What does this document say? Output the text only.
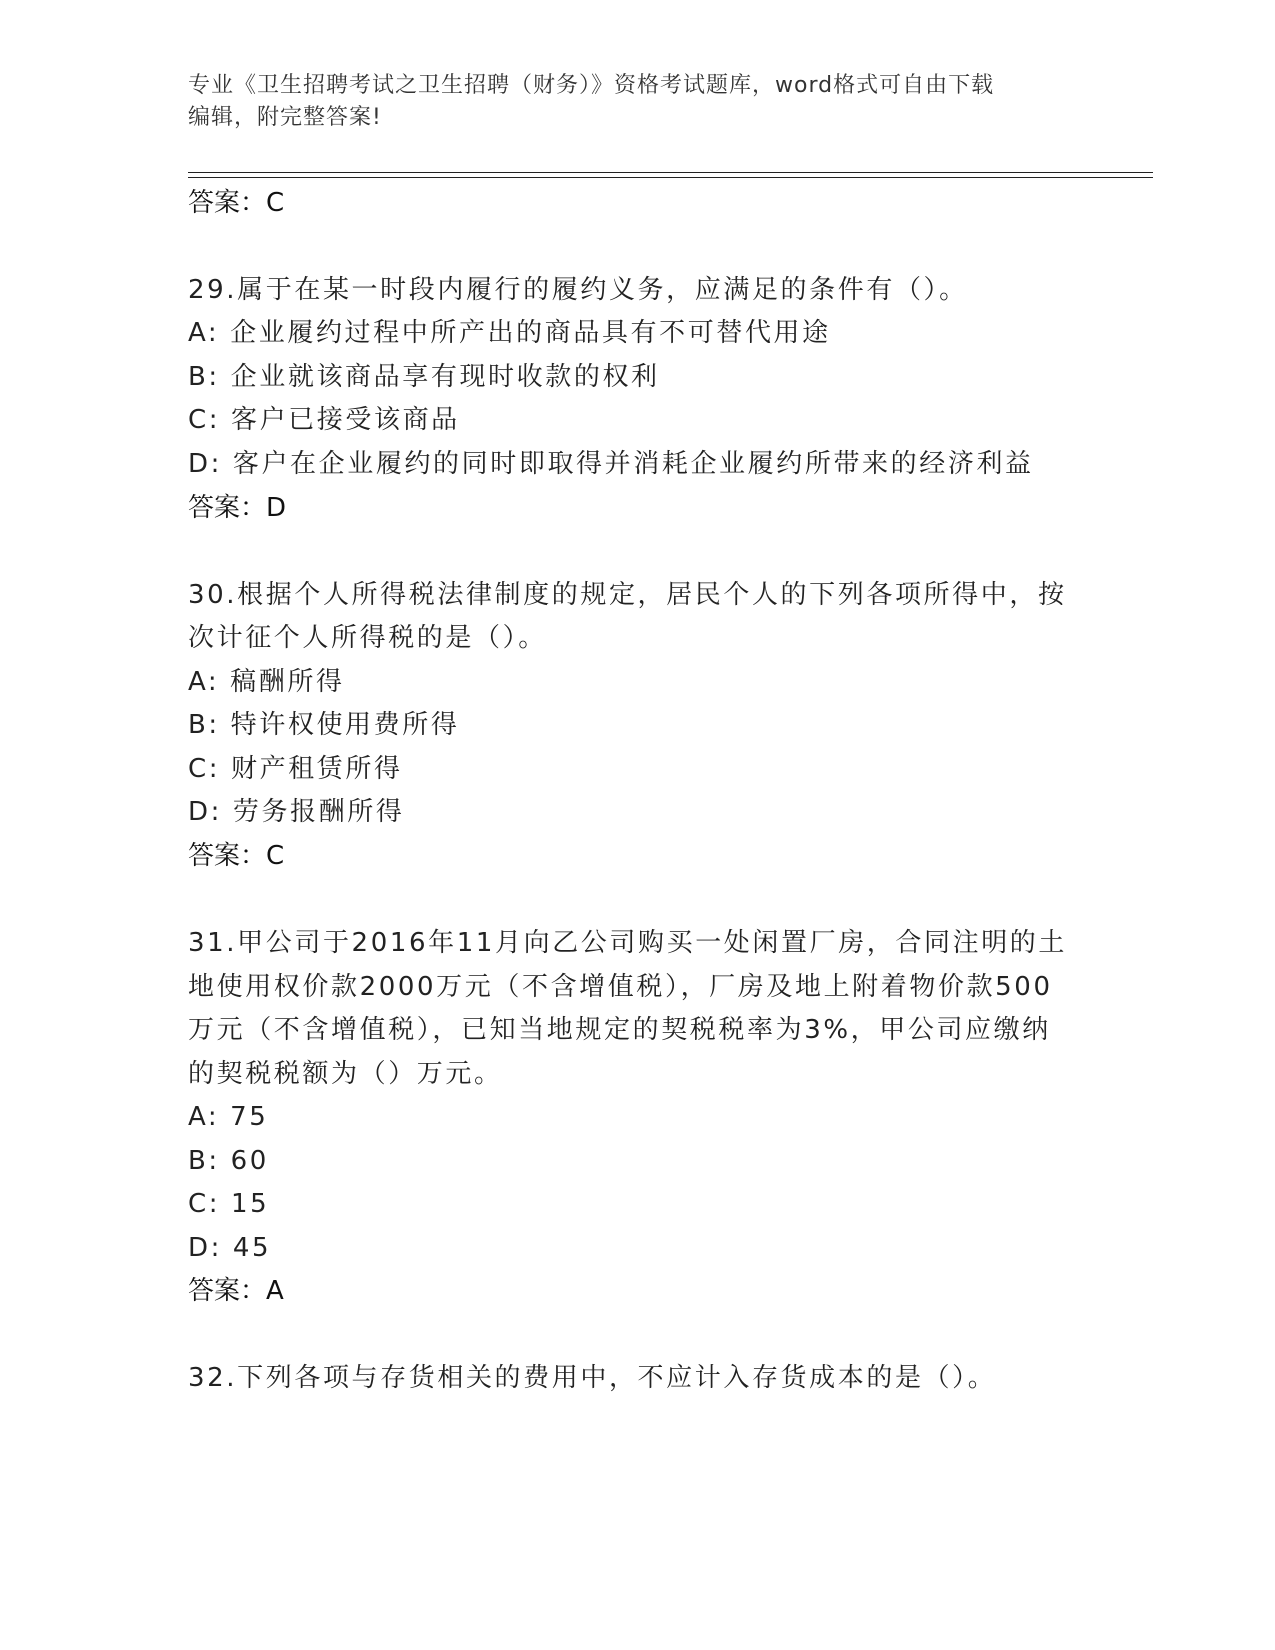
专业《卫生招聘考试之卫生招聘（财务）》资格考试题库，word格式可自由下载
编辑，附完整答案!
答案：C
29.属于在某一时段内履行的履约义务，应满足的条件有（）。
A: 企业履约过程中所产出的商品具有不可替代用途
B: 企业就该商品享有现时收款的权利
C: 客户已接受该商品
D: 客户在企业履约的同时即取得并消耗企业履约所带来的经济利益
答案：D
30.根据个人所得税法律制度的规定，居民个人的下列各项所得中，按
次计征个人所得税的是（）。
A: 稿酬所得
B: 特许权使用费所得
C: 财产租赁所得
D: 劳务报酬所得
答案：C
31.甲公司于2016年11月向乙公司购买一处闲置厂房，合同注明的土
地使用权价款2000万元（不含增值税），厂房及地上附着物价款500
万元（不含增值税），已知当地规定的契税税率为3%，甲公司应缴纳
的契税税额为（）万元。
A: 75
B: 60
C: 15
D: 45
答案：A
32.下列各项与存货相关的费用中，不应计入存货成本的是（）。
